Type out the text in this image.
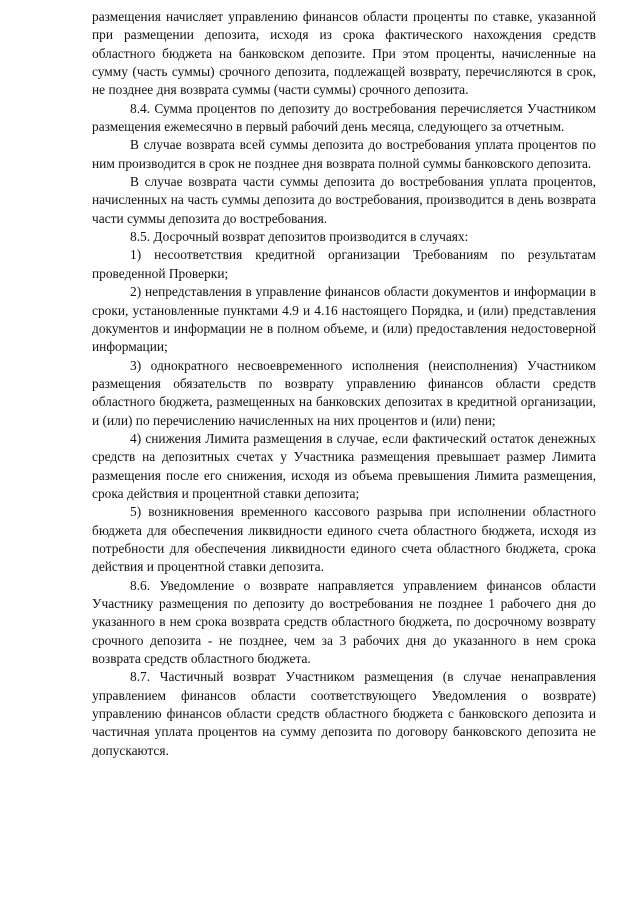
размещения начисляет управлению финансов области проценты по ставке, указанной при размещении депозита, исходя из срока фактического нахождения средств областного бюджета на банковском депозите. При этом проценты, начисленные на сумму (часть суммы) срочного депозита, подлежащей возврату, перечисляются в срок, не позднее дня возврата суммы (части суммы) срочного депозита.

8.4. Сумма процентов по депозиту до востребования перечисляется Участником размещения ежемесячно в первый рабочий день месяца, следующего за отчетным.

В случае возврата всей суммы депозита до востребования уплата процентов по ним производится в срок не позднее дня возврата полной суммы банковского депозита.

В случае возврата части суммы депозита до востребования уплата процентов, начисленных на часть суммы депозита до востребования, производится в день возврата части суммы депозита до востребования.

8.5. Досрочный возврат депозитов производится в случаях:

1) несоответствия кредитной организации Требованиям по результатам проведенной Проверки;

2) непредставления в управление финансов области документов и информации в сроки, установленные пунктами 4.9 и 4.16 настоящего Порядка, и (или) представления документов и информации не в полном объеме, и (или) предоставления недостоверной информации;

3) однократного несвоевременного исполнения (неисполнения) Участником размещения обязательств по возврату управлению финансов области средств областного бюджета, размещенных на банковских депозитах в кредитной организации, и (или) по перечислению начисленных на них процентов и (или) пени;

4) снижения Лимита размещения в случае, если фактический остаток денежных средств на депозитных счетах у Участника размещения превышает размер Лимита размещения после его снижения, исходя из объема превышения Лимита размещения, срока действия и процентной ставки депозита;

5) возникновения временного кассового разрыва при исполнении областного бюджета для обеспечения ликвидности единого счета областного бюджета, исходя из потребности для обеспечения ликвидности единого счета областного бюджета, срока действия и процентной ставки депозита.

8.6. Уведомление о возврате направляется управлением финансов области Участнику размещения по депозиту до востребования не позднее 1 рабочего дня до указанного в нем срока возврата средств областного бюджета, по досрочному возврату срочного депозита - не позднее, чем за 3 рабочих дня до указанного в нем срока возврата средств областного бюджета.

8.7. Частичный возврат Участником размещения (в случае ненаправления управлением финансов области соответствующего Уведомления о возврате) управлению финансов области средств областного бюджета с банковского депозита и частичная уплата процентов на сумму депозита по договору банковского депозита не допускаются.
